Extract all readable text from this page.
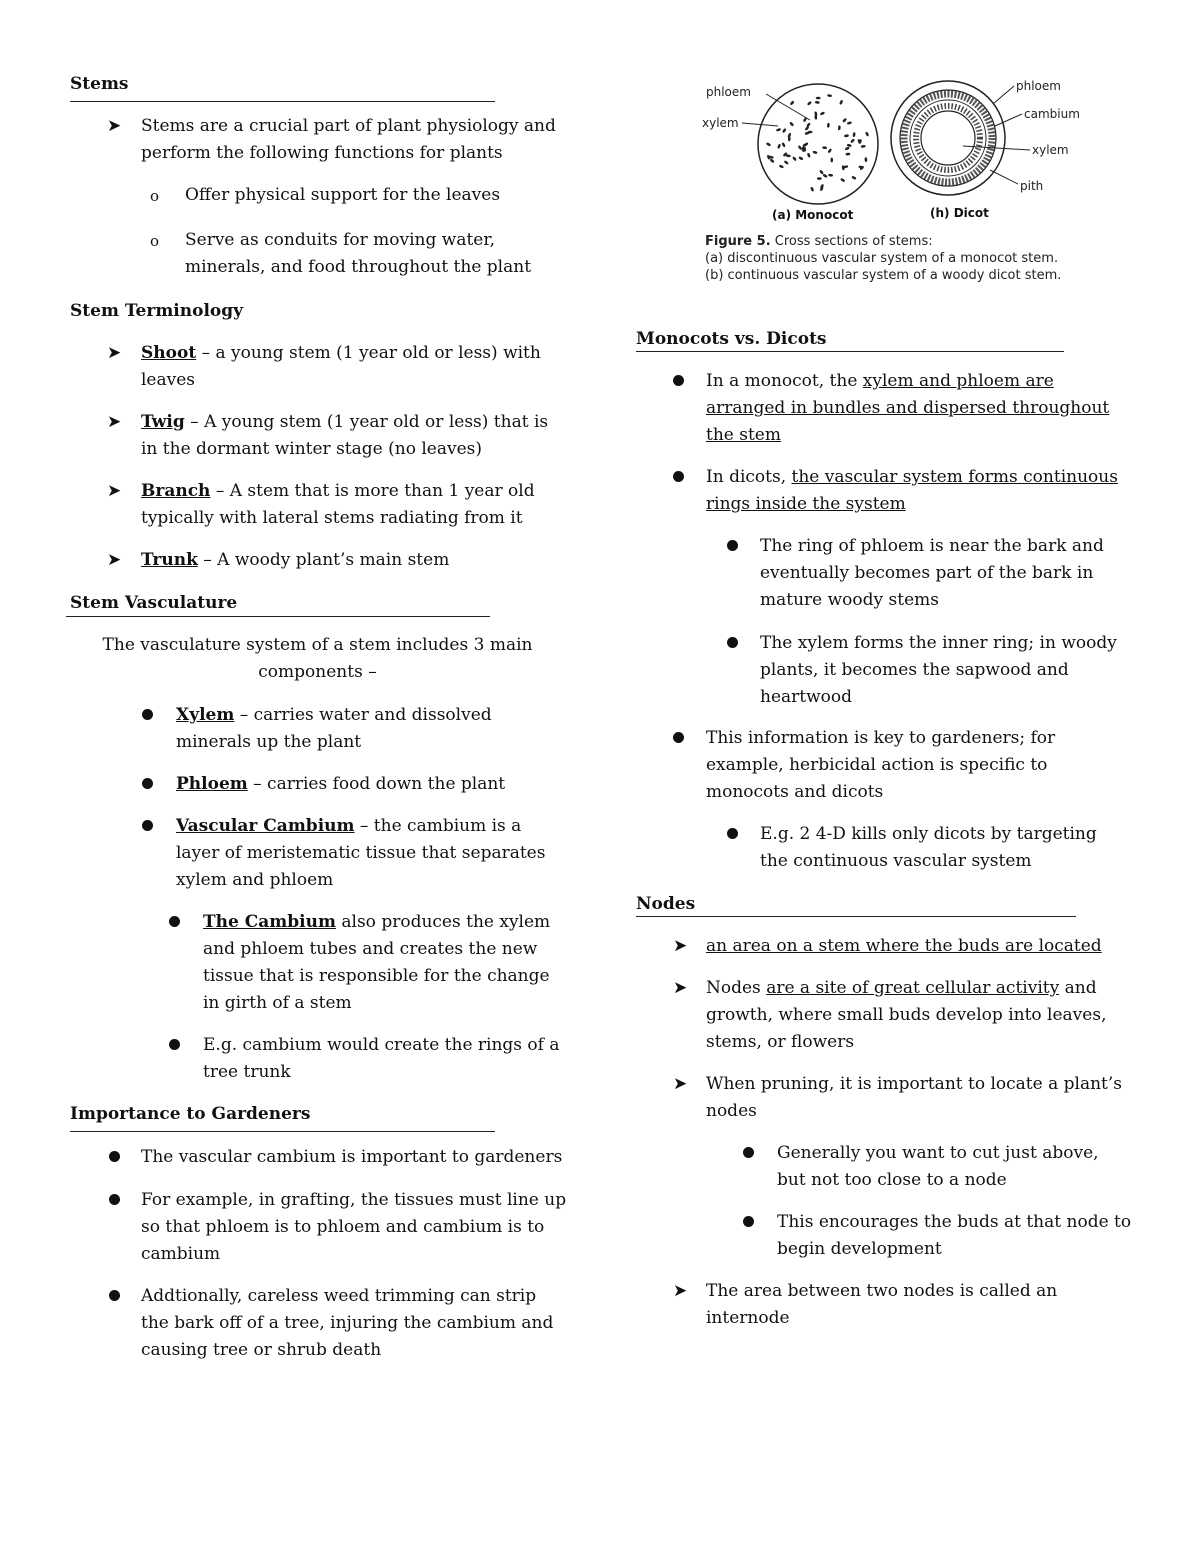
Stems
➤ Stems are a crucial part of plant physiology and perform the following functions for plants
o Offer physical support for the leaves
o Serve as conduits for moving water, minerals, and food throughout the plant
Stem Terminology
➤ Shoot – a young stem (1 year old or less) with leaves
➤ Twig – A young stem (1 year old or less) that is in the dormant winter stage (no leaves)
➤ Branch – A stem that is more than 1 year old typically with lateral stems radiating from it
➤ Trunk – A woody plant’s main stem
Stem Vasculature
The vasculature system of a stem includes 3 main components –
Xylem – carries water and dissolved minerals up the plant
Phloem – carries food down the plant
Vascular Cambium – the cambium is a layer of meristematic tissue that separates xylem and phloem
The Cambium also produces the xylem and phloem tubes and creates the new tissue that is responsible for the change in girth of a stem
E.g. cambium would create the rings of a tree trunk
Importance to Gardeners
The vascular cambium is important to gardeners
For example, in grafting, the tissues must line up so that phloem is to phloem and cambium is to cambium
Addtionally, careless weed trimming can strip the bark off of a tree, injuring the cambium and causing tree or shrub death
phloem
xylem
phloem
cambium
xylem
pith
(a) Monocot	(h) Dicot
Figure 5. Cross sections of stems:
(a) discontinuous vascular system of a monocot stem.
(b) continuous vascular system of a woody dicot stem.
Monocots vs. Dicots
In a monocot, the xylem and phloem are arranged in bundles and dispersed throughout the stem
In dicots, the vascular system forms continuous rings inside the system
The ring of phloem is near the bark and eventually becomes part of the bark in mature woody stems
The xylem forms the inner ring; in woody plants, it becomes the sapwood and heartwood
This information is key to gardeners; for example, herbicidal action is specific to monocots and dicots
E.g. 2 4-D kills only dicots by targeting the continuous vascular system
Nodes
➤ an area on a stem where the buds are located
➤ Nodes are a site of great cellular activity and growth, where small buds develop into leaves, stems, or flowers
➤ When pruning, it is important to locate a plant’s nodes
Generally you want to cut just above, but not too close to a node
This encourages the buds at that node to begin development
➤ The area between two nodes is called an internode
